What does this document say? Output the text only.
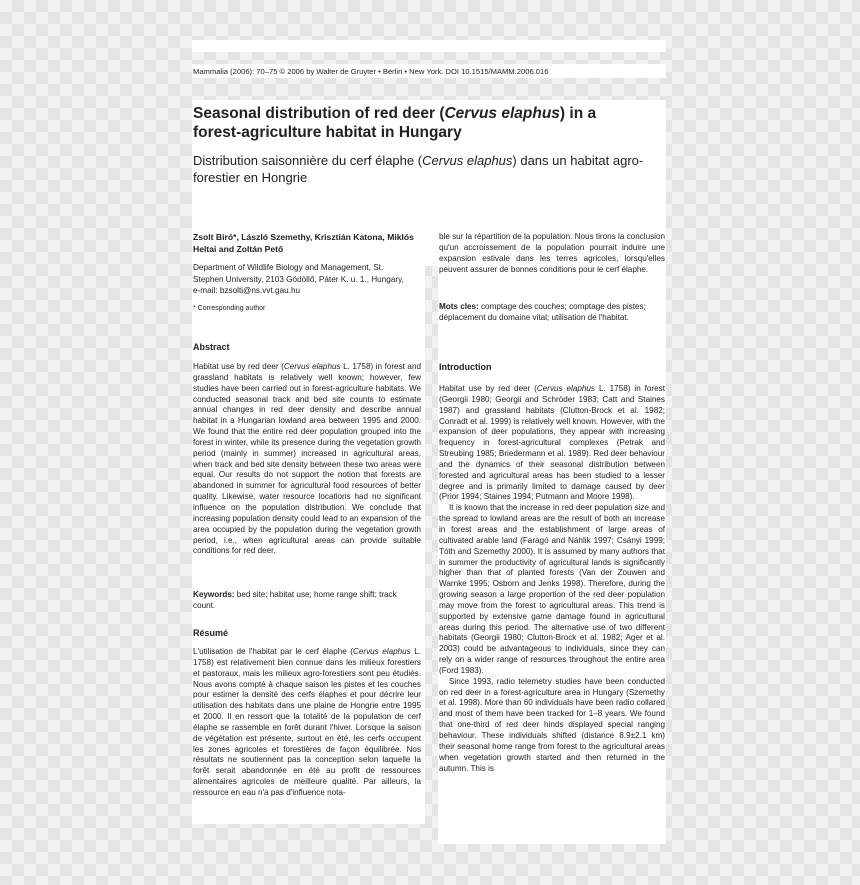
Mammalia (2006): 70–75 © 2006 by Walter de Gruyter • Berlin • New York. DOI 10.1515/MAMM.2006.016
Seasonal distribution of red deer (Cervus elaphus) in a forest-agriculture habitat in Hungary
Distribution saisonnière du cerf élaphe (Cervus elaphus) dans un habitat agro-forestier en Hongrie
Zsolt Biró*, László Szemethy, Krisztián Katona, Miklós Heltai and Zoltán Pető
Department of Wildlife Biology and Management, St. Stephen University, 2103 Gödöllő, Páter K. u. 1., Hungary, e-mail: bzsolti@ns.vvt.gau.hu
* Corresponding author
Abstract
Habitat use by red deer (Cervus elaphus L. 1758) in forest and grassland habitats is relatively well known; however, few studies have been carried out in forest-agriculture habitats. We conducted seasonal track and bed site counts to estimate annual changes in red deer density and describe annual habitat in a Hungarian lowland area between 1995 and 2000. We found that the entire red deer population grouped into the forest in winter, while its presence during the vegetation growth period (mainly in summer) increased in agricultural areas, when track and bed site density between these two areas were equal. Our results do not support the notion that forests are abandoned in summer for agricultural food resources of better quality. Likewise, water resource locations had no significant influence on the population distribution. We conclude that increasing population density could lead to an expansion of the area occupied by the population during the vegetation growth period, i.e., when agricultural areas can provide suitable conditions for red deer.
Keywords: bed site; habitat use; home range shift; track count.
Résumé
L'utilisation de l'habitat par le cerf élaphe (Cervus elaphus L. 1758) est relativement bien connue dans les milieux forestiers et pastoraux, mais les milieux agro-forestiers sont peu étudiés. Nous avons compté à chaque saison les pistes et les couches pour estimer la densité des cerfs élaphes et pour décrire leur utilisation des habitats dans une plaine de Hongrie entre 1995 et 2000. Il en ressort que la totalité de la population de cerf élaphe se rassemble en forêt durant l'hiver. Lorsque la saison de végétation est présente, surtout en été, les cerfs occupent les zones agricoles et forestières de façon équilibrée. Nos résultats ne soutiennent pas la conception selon laquelle la forêt serait abandonnée en été au profit de ressources alimentaires agricoles de meilleure qualité. Par ailleurs, la ressource en eau n'a pas d'influence nota-
ble sur la répartition de la population. Nous tirons la conclusion qu'un accroissement de la population pourrait induire une expansion estivale dans les terres agricoles, lorsqu'elles peuvent assurer de bonnes conditions pour le cerf élaphe.
Mots cles: comptage des couches; comptage des pistes; déplacement du domaine vital; utilisation de l'habitat.
Introduction
Habitat use by red deer (Cervus elaphus L. 1758) in forest (Georgii 1980; Georgii and Schröder 1983; Catt and Staines 1987) and grassland habitats (Clutton-Brock et al. 1982; Conradt et al. 1999) is relatively well known. However, with the expansion of deer populations, they appear with increasing frequency in forest-agricultural complexes (Petrak and Streubing 1985; Briedermann et al. 1989). Red deer behaviour and the dynamics of their seasonal distribution between forested and agricultural areas has been studied to a lesser degree and is primarily limited to damage caused by deer (Prior 1994; Staines 1994; Putmann and Moore 1998).
It is known that the increase in red deer population size and the spread to lowland areas are the result of both an increase in forest areas and the establishment of large areas of cultivated arable land (Faragó and Náhlik 1997; Csányi 1999; Tóth and Szemethy 2000). It is assumed by many authors that in summer the productivity of agricultural lands is significantly higher than that of planted forests (Van der Zouwen and Warnke 1995; Osborn and Jenks 1998). Therefore, during the growing season a large proportion of the red deer population may move from the forest to agricultural areas. This trend is supported by extensive game damage found in agricultural areas during this period. The alternative use of two different habitats (Georgii 1980; Clutton-Brock et al. 1982; Ager et al. 2003) could be advantageous to individuals, since they can rely on a wider range of resources throughout the entire area (Ford 1983).
Since 1993, radio telemetry studies have been conducted on red deer in a forest-agriculture area in Hungary (Szemethy et al. 1998). More than 60 individuals have been radio collared and most of them have been tracked for 1–8 years. We found that one-third of red deer hinds displayed special ranging behaviour. These individuals shifted (distance 8.9±2.1 km) their seasonal home range from forest to the agricultural areas when vegetation growth started and then returned in the autumn. This is
